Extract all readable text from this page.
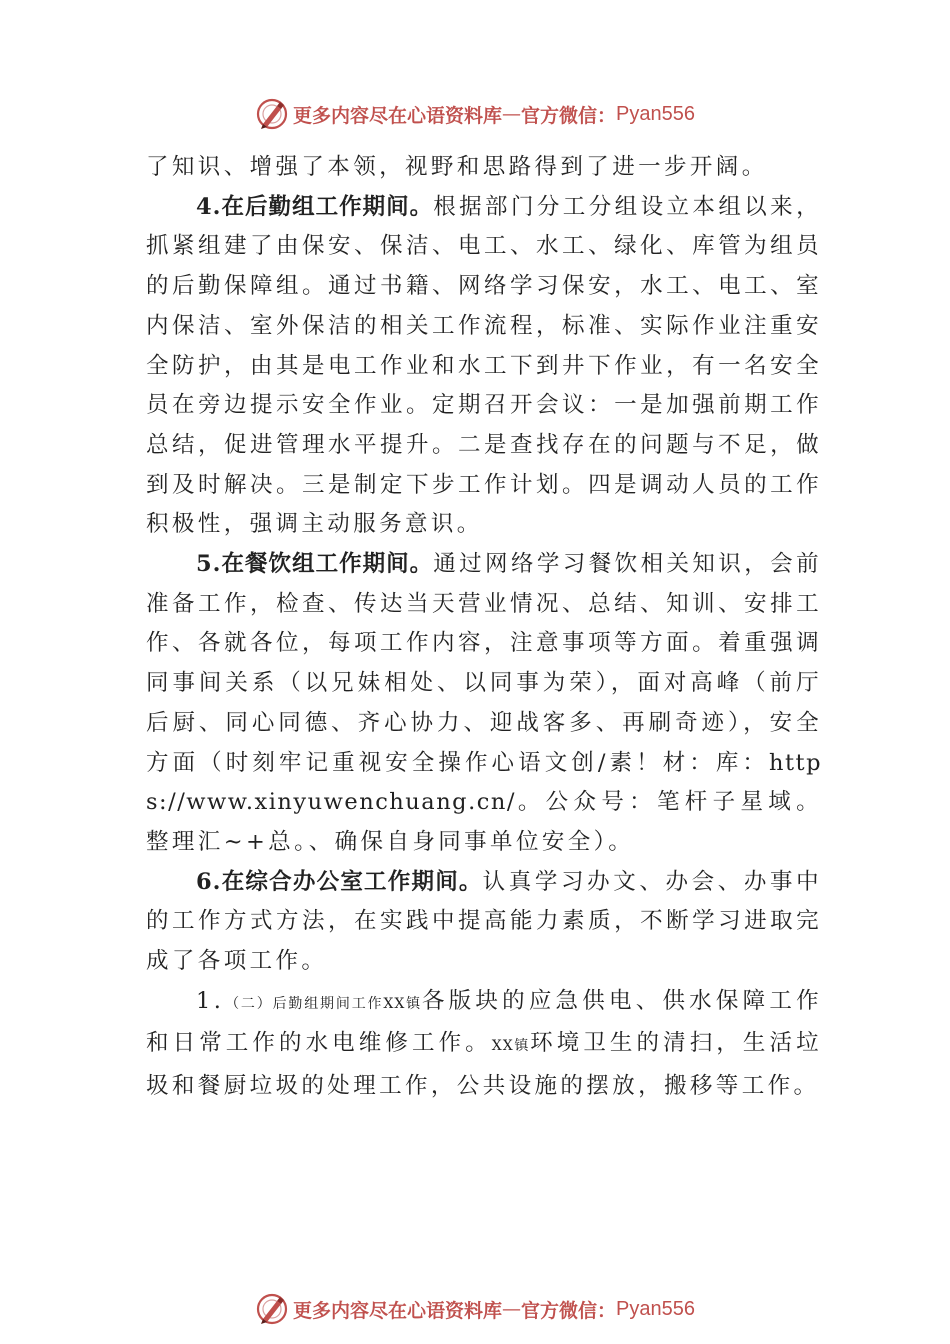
更多内容尽在心语资料库 — 官方微信： Pyan556

了知识、增强了本领，视野和思路得到了进一步开阔。

4.在后勤组工作期间。根据部门分工分组设立本组以来，抓紧组建了由保安、保洁、电工、水工、绿化、库管为组员的后勤保障组。通过书籍、网络学习保安，水工、电工、室内保洁、室外保洁的相关工作流程，标准、实际作业注重安全防护，由其是电工作业和水工下到井下作业，有一名安全员在旁边提示安全作业。定期召开会议：一是加强前期工作总结，促进管理水平提升。二是查找存在的问题与不足，做到及时解决。三是制定下步工作计划。四是调动人员的工作积极性，强调主动服务意识。

5.在餐饮组工作期间。通过网络学习餐饮相关知识，会前准备工作，检查、传达当天营业情况、总结、知训、安排工作、各就各位，每项工作内容，注意事项等方面。着重强调同事间关系（以兄妹相处、以同事为荣），面对高峰（前厅后厨、同心同德、齐心协力、迎战客多、再刷奇迹），安全方面（时刻牢记重视安全操作心语文创/素！材：库：https://www.xinyuwenchuang.cn/。公众号：笔杆子星域。整理汇~+总。、确保自身同事单位安全）。

6.在综合办公室工作期间。认真学习办文、办会、办事中的工作方式方法，在实践中提高能力素质，不断学习进取完成了各项工作。

1.（二）后勤组期间工作XX镇各版块的应急供电、供水保障工作和日常工作的水电维修工作。XX镇环境卫生的清扫，生活垃圾和餐厨垃圾的处理工作，公共设施的摆放，搬移等工作。

更多内容尽在心语资料库 — 官方微信： Pyan556
